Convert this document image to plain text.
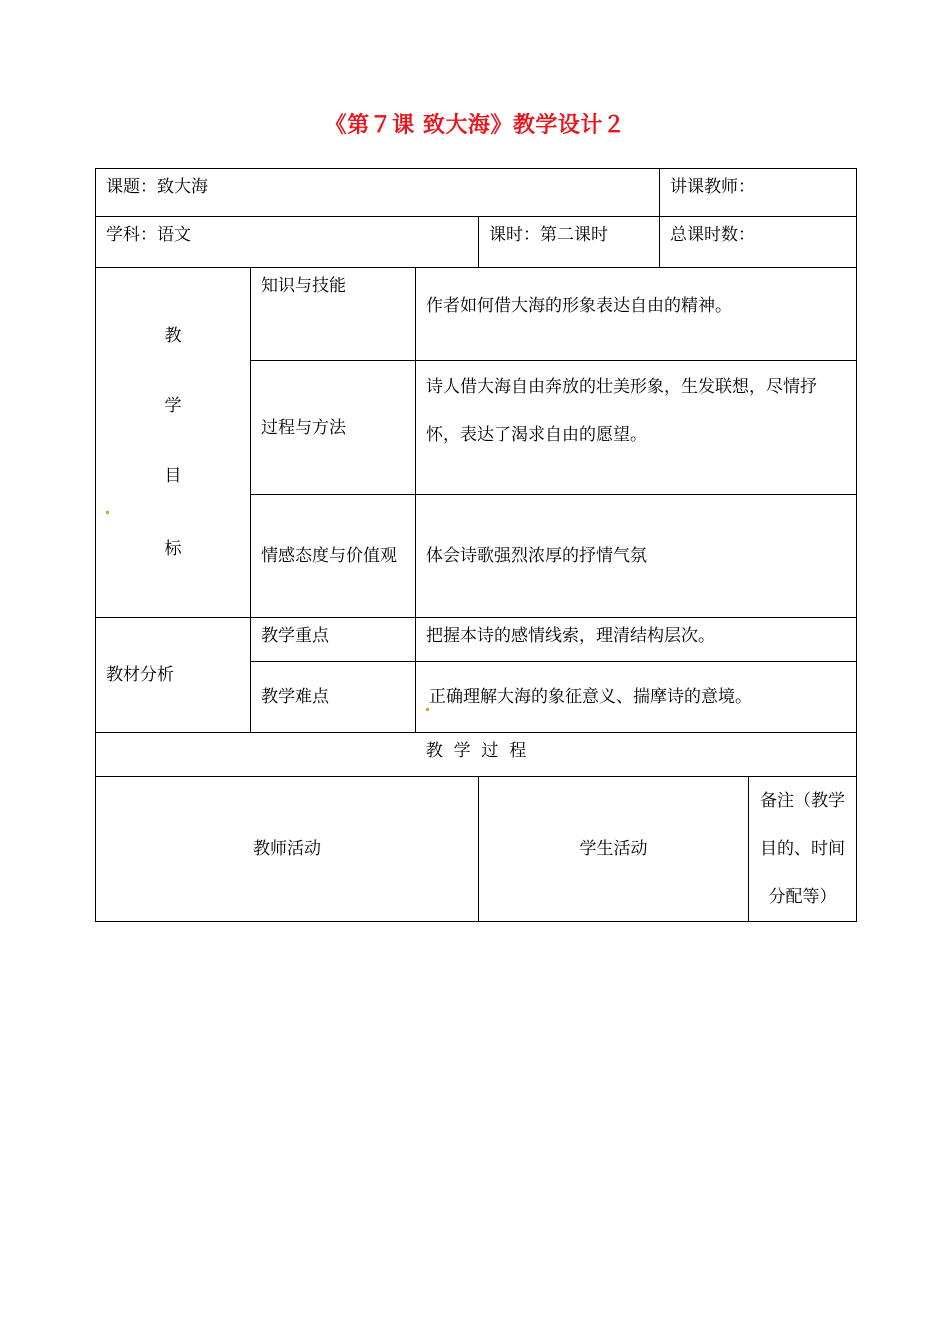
《第７课 致大海》教学设计２
课题：致大海				讲课教师：	
学科：语文			课时：第二课时	总课时数：	

教
学
目
标	知识与技能	作者如何借大海的形象表达自由的精神。			
	过程与方法	诗人借大海自由奔放的壮美形象，生发联想，尽情抒怀，表达了渴求自由的愿望。			
	情感态度与价值观	体会诗歌强烈浓厚的抒情气氛			
教材分析	教学重点	把握本诗的感情线索，理清结构层次。			
	教学难点	正确理解大海的象征意义、揣摩诗的意境。			
教  学  过  程					
教师活动			学生活动		备注（教学目的、时间分配等）
